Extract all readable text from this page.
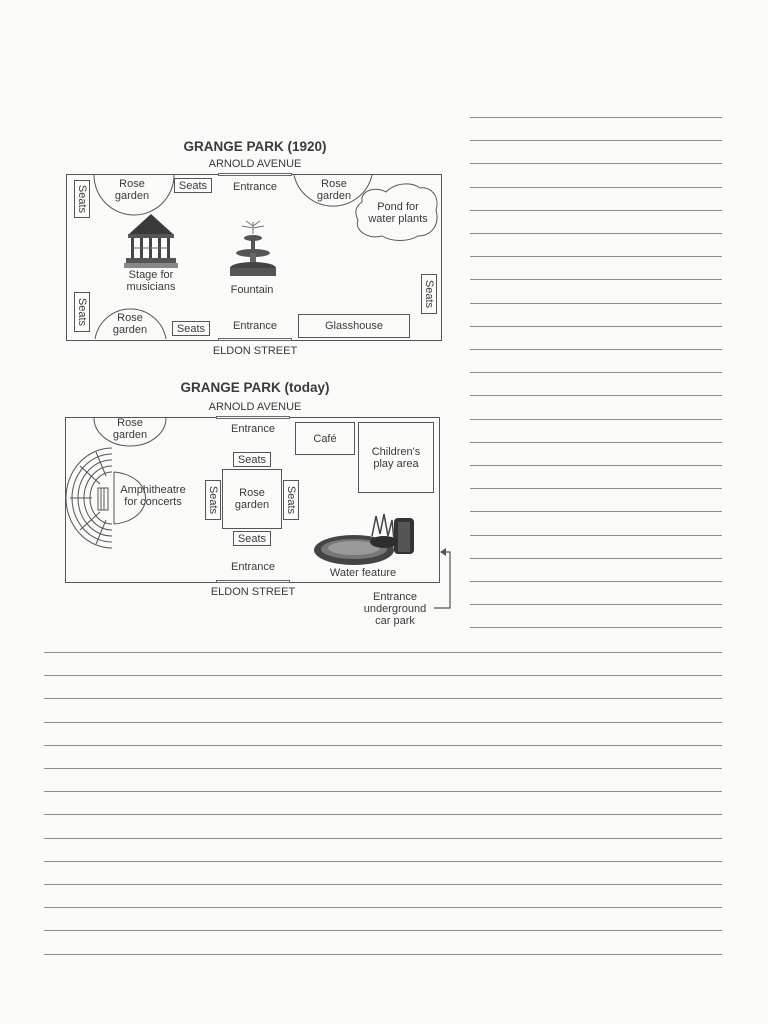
GRANGE PARK (1920)
ARNOLD AVENUE
Rose
garden
Rose
garden
Rose
garden
Seats	Entrance
Pond for
water plants
Seats
Seats
Seats
Stage for
musicians	Fountain
Seats	Entrance	Glasshouse
ELDON STREET
GRANGE PARK (today)
ARNOLD AVENUE
Rose
garden	Entrance
Café
Children's
play area
Amphitheatre
for concerts
Seats
Seats	Seats
Rose
garden
Seats
Water feature
Entrance
ELDON STREET	Entrance
underground
car park
